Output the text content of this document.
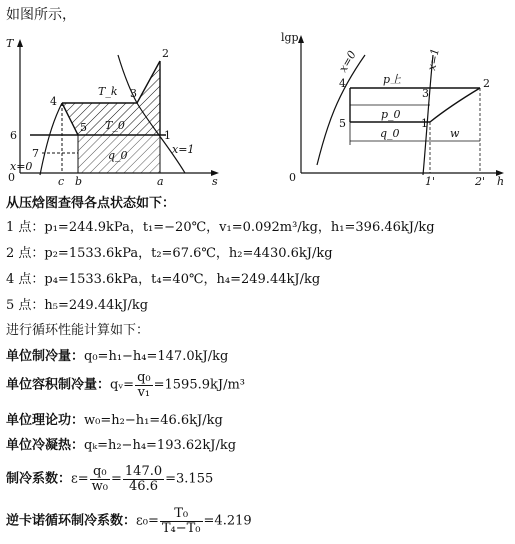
如图所示，
T
s
0
1
2
3
4
5
6
7
T_k
T_0
q_0
x=0
x=1
c b	a
lgp
h
0
1
2
3
4
5
x=0	x=1
p上
p_0
q_0	w
1'	2'
从压焓图查得各点状态如下：
1 点：p₁=244.9kPa，t₁=−20℃，v₁=0.092m³/kg，h₁=396.46kJ/kg
2 点：p₂=1533.6kPa，t₂=67.6℃，h₂=4430.6kJ/kg
4 点：p₄=1533.6kPa，t₄=40℃，h₄=249.44kJ/kg
5 点：h₅=249.44kJ/kg
进行循环性能计算如下：
单位制冷量：q₀=h₁−h₄=147.0kJ/kg
单位容积制冷量：qᵥ= $\frac{\text{q₀}}{\text{v₁}} =1595.9kJ/m^3$
单位理论功：w₀=h₂−h₁=46.6kJ/kg
单位冷凝热：qₖ=h₂−h₄=193.62kJ/kg
制冷系数：$\varepsilon= \frac{\text{q₀}}{\text{w₀}} = \frac{147.0}{46.6} =3.155$
逆卡诺循环制冷系数：$\varepsilon_0= \frac{\text{T₀}}{\text{T₄−T₀}} =4.219$
